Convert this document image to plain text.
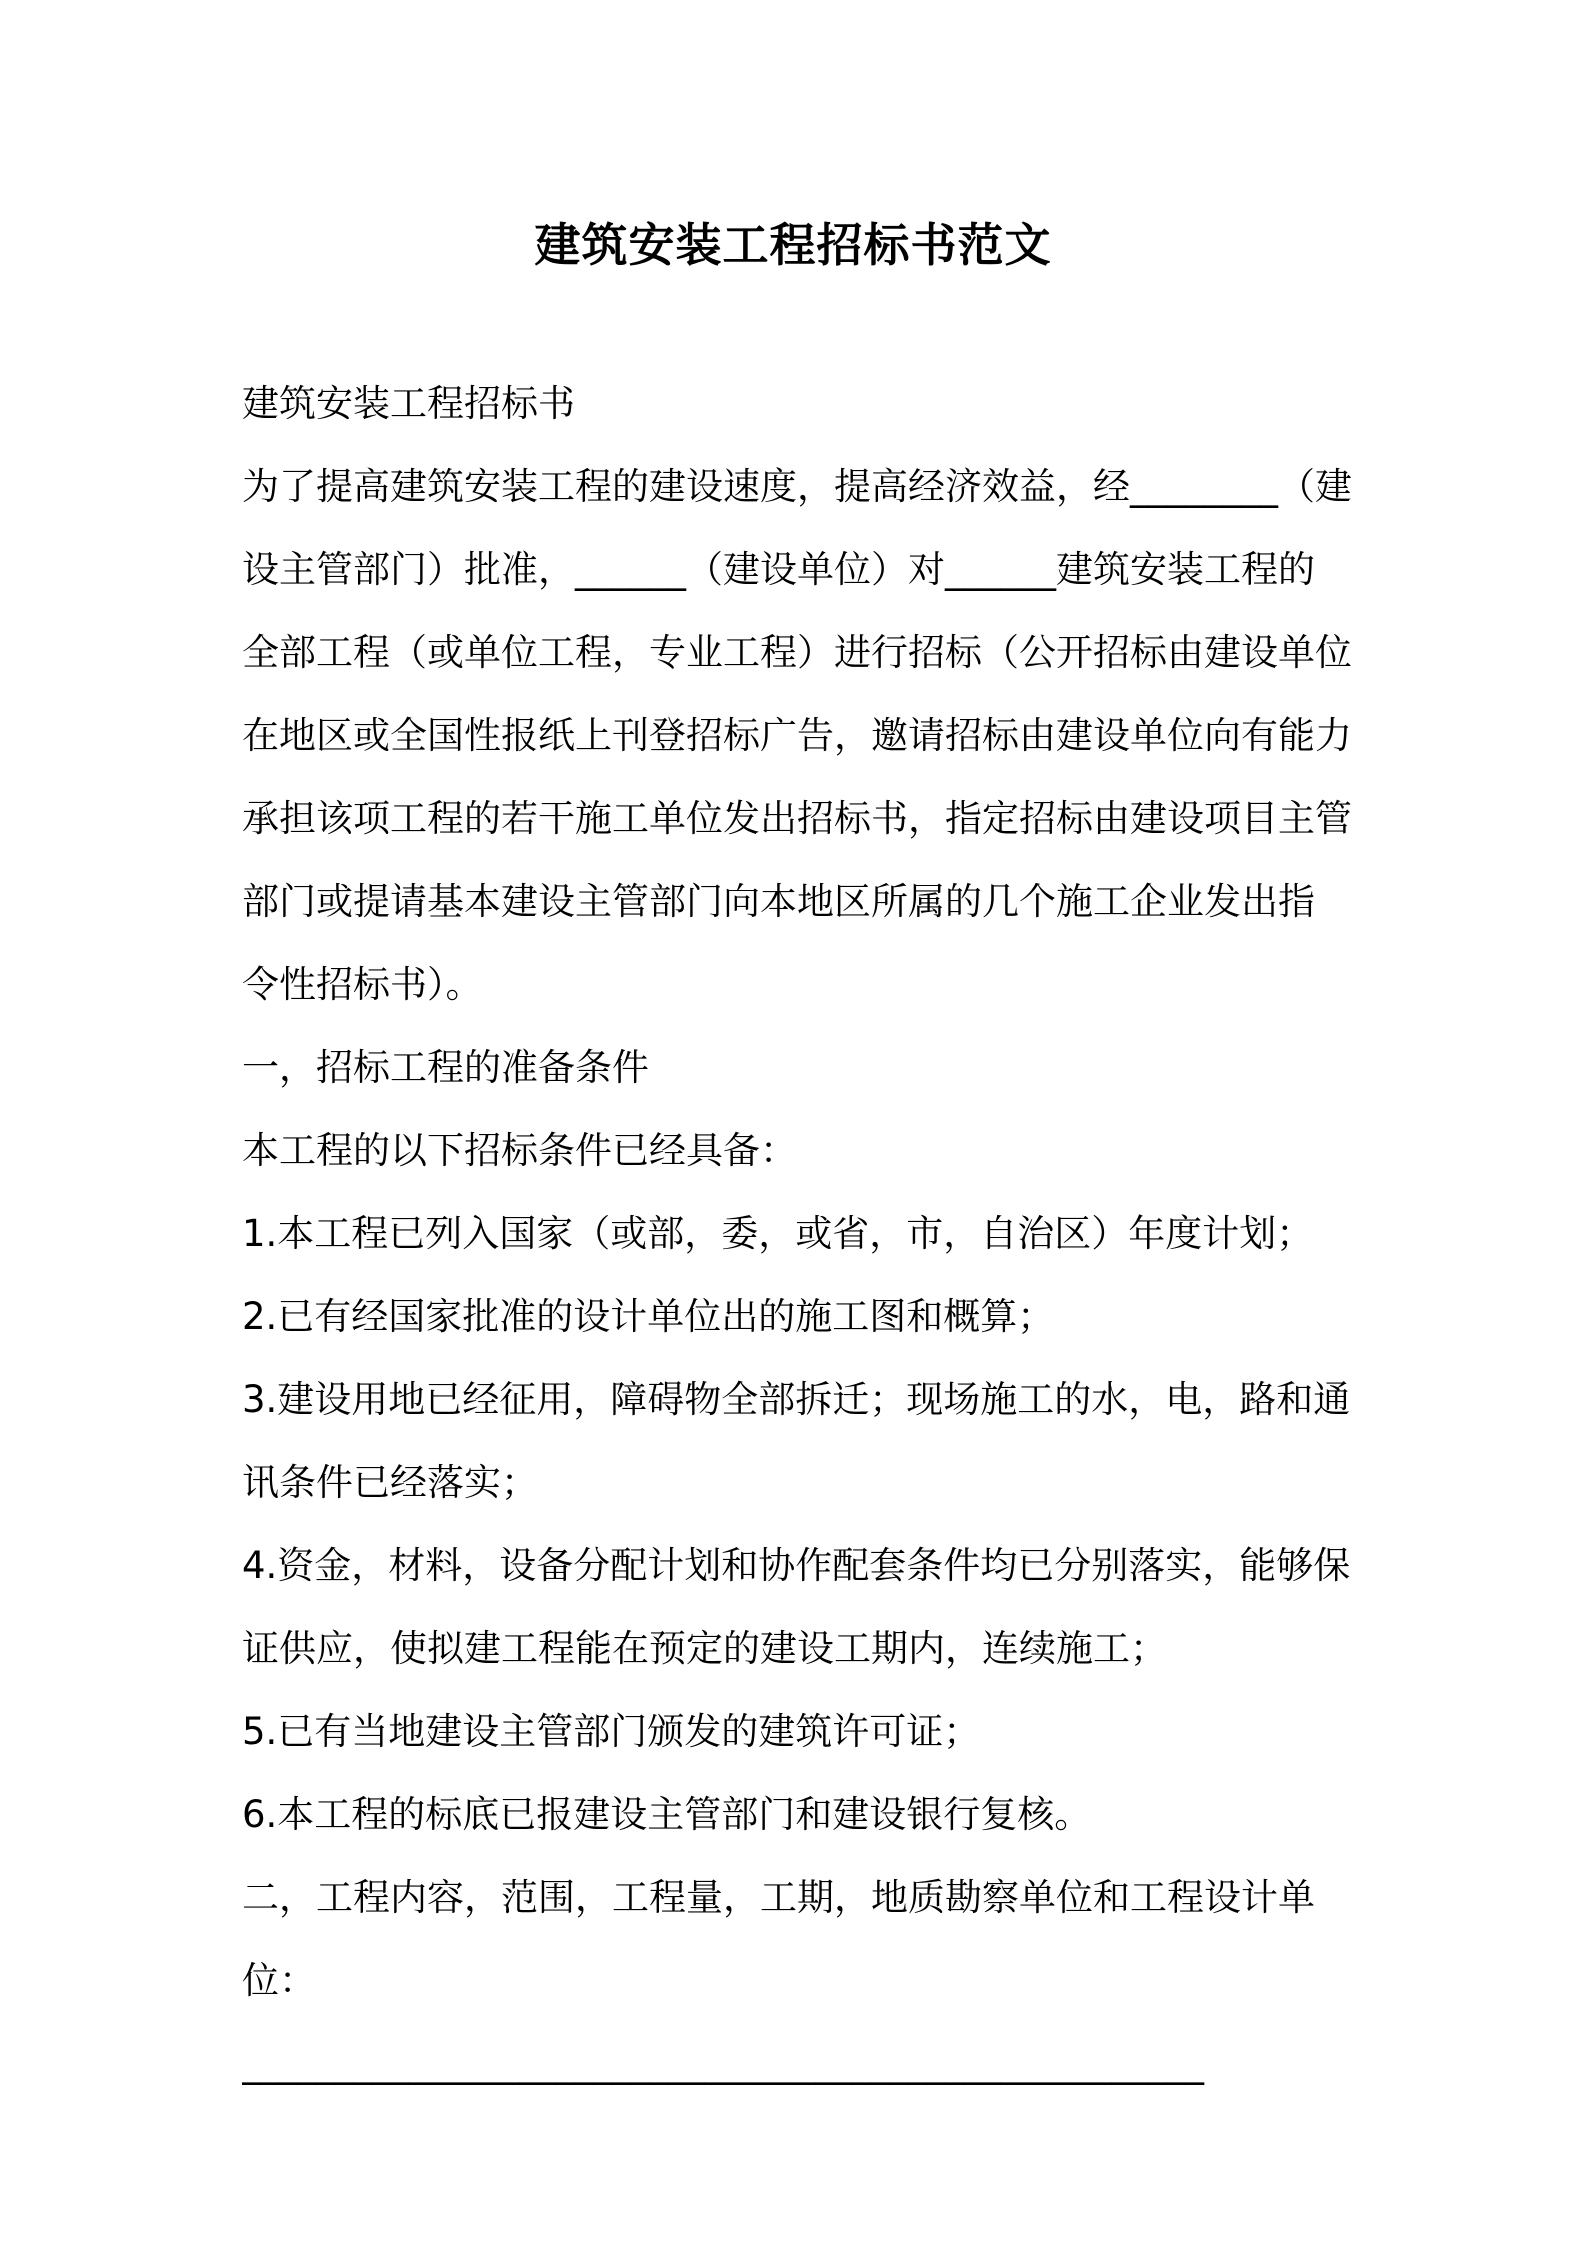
建筑安装工程招标书范文

建筑安装工程招标书

为了提高建筑安装工程的建设速度，提高经济效益，经________（建

设主管部门）批准，______（建设单位）对______建筑安装工程的

全部工程（或单位工程，专业工程）进行招标（公开招标由建设单位

在地区或全国性报纸上刊登招标广告，邀请招标由建设单位向有能力

承担该项工程的若干施工单位发出招标书，指定招标由建设项目主管

部门或提请基本建设主管部门向本地区所属的几个施工企业发出指

令性招标书）。

一，招标工程的准备条件

本工程的以下招标条件已经具备：

1.本工程已列入国家（或部，委，或省，市，自治区）年度计划；

2.已有经国家批准的设计单位出的施工图和概算；

3.建设用地已经征用，障碍物全部拆迁；现场施工的水，电，路和通

讯条件已经落实；

4.资金，材料，设备分配计划和协作配套条件均已分别落实，能够保

证供应，使拟建工程能在预定的建设工期内，连续施工；

5.已有当地建设主管部门颁发的建筑许可证；

6.本工程的标底已报建设主管部门和建设银行复核。

二，工程内容，范围，工程量，工期，地质勘察单位和工程设计单位：

____________________________________________________
